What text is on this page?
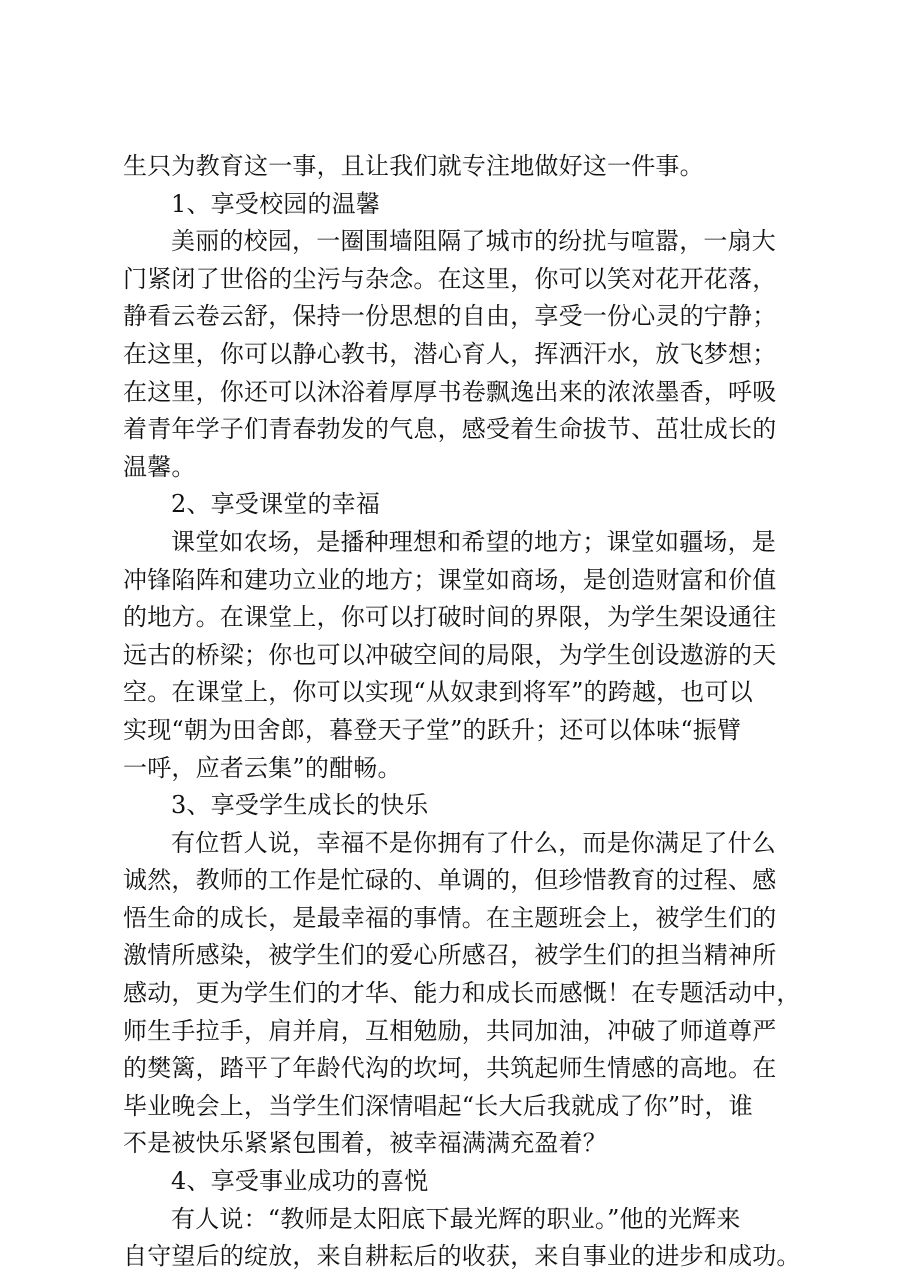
生只为教育这一事，且让我们就专注地做好这一件事。
1、享受校园的温馨
美丽的校园，一圈围墙阻隔了城市的纷扰与喧嚣，一扇大
门紧闭了世俗的尘污与杂念。在这里，你可以笑对花开花落，
静看云卷云舒，保持一份思想的自由，享受一份心灵的宁静；
在这里，你可以静心教书，潜心育人，挥洒汗水，放飞梦想；
在这里，你还可以沐浴着厚厚书卷飘逸出来的浓浓墨香，呼吸
着青年学子们青春勃发的气息，感受着生命拔节、茁壮成长的
温馨。
2、享受课堂的幸福
课堂如农场，是播种理想和希望的地方；课堂如疆场，是
冲锋陷阵和建功立业的地方；课堂如商场，是创造财富和价值
的地方。在课堂上，你可以打破时间的界限，为学生架设通往
远古的桥梁；你也可以冲破空间的局限，为学生创设遨游的天
空。在课堂上，你可以实现“从奴隶到将军”的跨越，也可以
实现“朝为田舍郎，暮登天子堂”的跃升；还可以体味“振臂
一呼，应者云集”的酣畅。
3、享受学生成长的快乐
有位哲人说，幸福不是你拥有了什么，而是你满足了什么
诚然，教师的工作是忙碌的、单调的，但珍惜教育的过程、感
悟生命的成长，是最幸福的事情。在主题班会上，被学生们的
激情所感染，被学生们的爱心所感召，被学生们的担当精神所
感动，更为学生们的才华、能力和成长而感慨！在专题活动中，
师生手拉手，肩并肩，互相勉励，共同加油，冲破了师道尊严
的樊篱，踏平了年龄代沟的坎坷，共筑起师生情感的高地。在
毕业晚会上，当学生们深情唱起“长大后我就成了你”时，谁
不是被快乐紧紧包围着，被幸福满满充盈着？
4、享受事业成功的喜悦
有人说：“教师是太阳底下最光辉的职业。”他的光辉来
自守望后的绽放，来自耕耘后的收获，来自事业的进步和成功。
